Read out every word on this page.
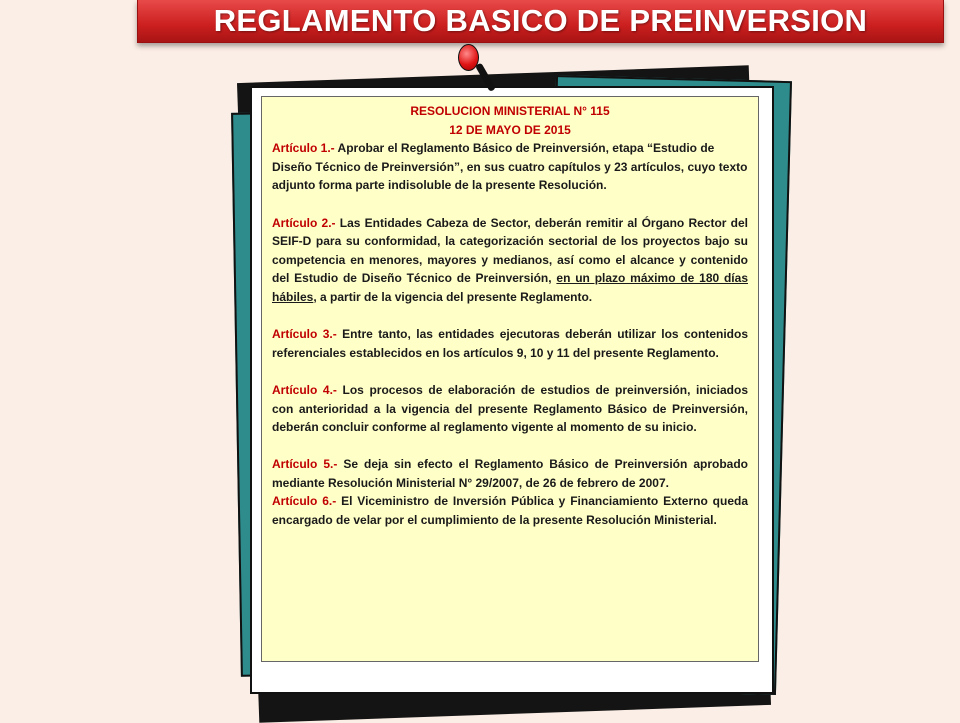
REGLAMENTO BASICO DE PREINVERSION

RESOLUCION MINISTERIAL N° 115

12 DE MAYO DE 2015

Artículo 1.- Aprobar el Reglamento Básico de Preinversión, etapa “Estudio de Diseño Técnico de Preinversión”, en sus cuatro capítulos y 23 artículos, cuyo texto adjunto forma parte indisoluble de la presente Resolución.

Artículo 2.- Las Entidades Cabeza de Sector, deberán remitir al Órgano Rector del SEIF-D para su conformidad, la categorización sectorial de los proyectos bajo su competencia en menores, mayores y medianos, así como el alcance y contenido del Estudio de Diseño Técnico de Preinversión, en un plazo máximo de 180 días hábiles, a partir de la vigencia del presente Reglamento.

Artículo 3.- Entre tanto, las entidades ejecutoras deberán utilizar los contenidos referenciales establecidos en los artículos 9, 10 y 11 del presente Reglamento.

Artículo 4.- Los procesos de elaboración de estudios de preinversión, iniciados con anterioridad a la vigencia del presente Reglamento Básico de Preinversión, deberán concluir conforme al reglamento vigente al momento de su inicio.

Artículo 5.- Se deja sin efecto el Reglamento Básico de Preinversión aprobado mediante Resolución Ministerial N° 29/2007, de 26 de febrero de 2007.

Artículo 6.- El Viceministro de Inversión Pública y Financiamiento Externo queda encargado de velar por el cumplimiento de la presente Resolución Ministerial.
